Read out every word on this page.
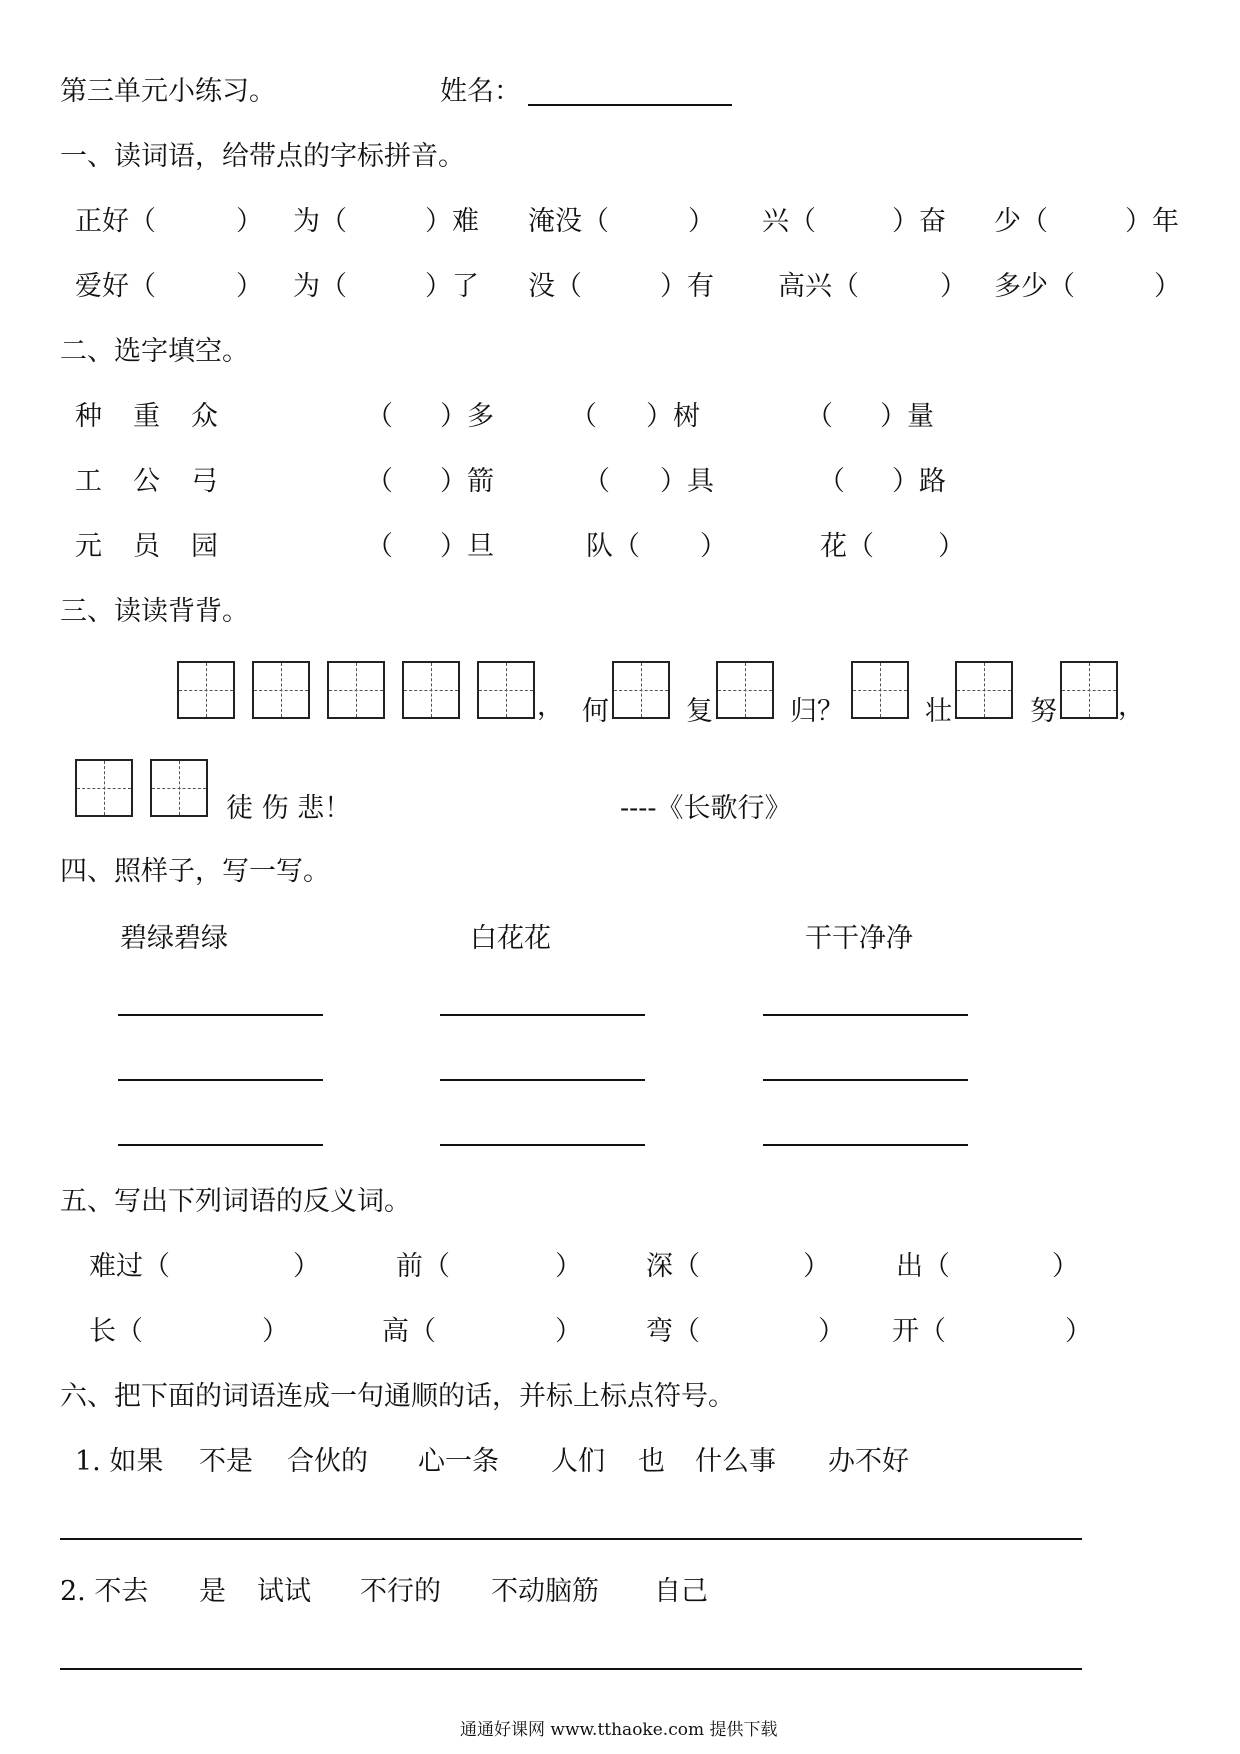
第三单元小练习。	姓名：
一、读词语，给带点的字标拼音。
正好（	） 为（	）难 淹没（	） 兴（	）奋 少（	）年
爱好（	） 为（	）了 没（	）有 高兴（	） 多少（	）
二、选字填空。
种 重 众	（ ）多	（ ）树	（ ）量
工 公 弓	（ ）箭	（ ）具	（ ）路
元 员 园	（ ）旦	队（ ）	花（ ）
三、读读背背。
， 何	复	归？	壮	努 ，
徒 伤 悲！	----《长歌行》
四、照样子，写一写。
碧绿碧绿	白花花	干干净净
五、写出下列词语的反义词。
难过（	）	前（	） 深（	） 出（	）
长（	）	高（	） 弯（	） 开（	）
六、把下面的词语连成一句通顺的话，并标上标点符号。
1. 如果 不是 合伙的 心一条 人们 也 什么事 办不好
2. 不去 是 试试 不行的 不动脑筋 自己
通通好课网 www.tthaoke.com 提供下载
